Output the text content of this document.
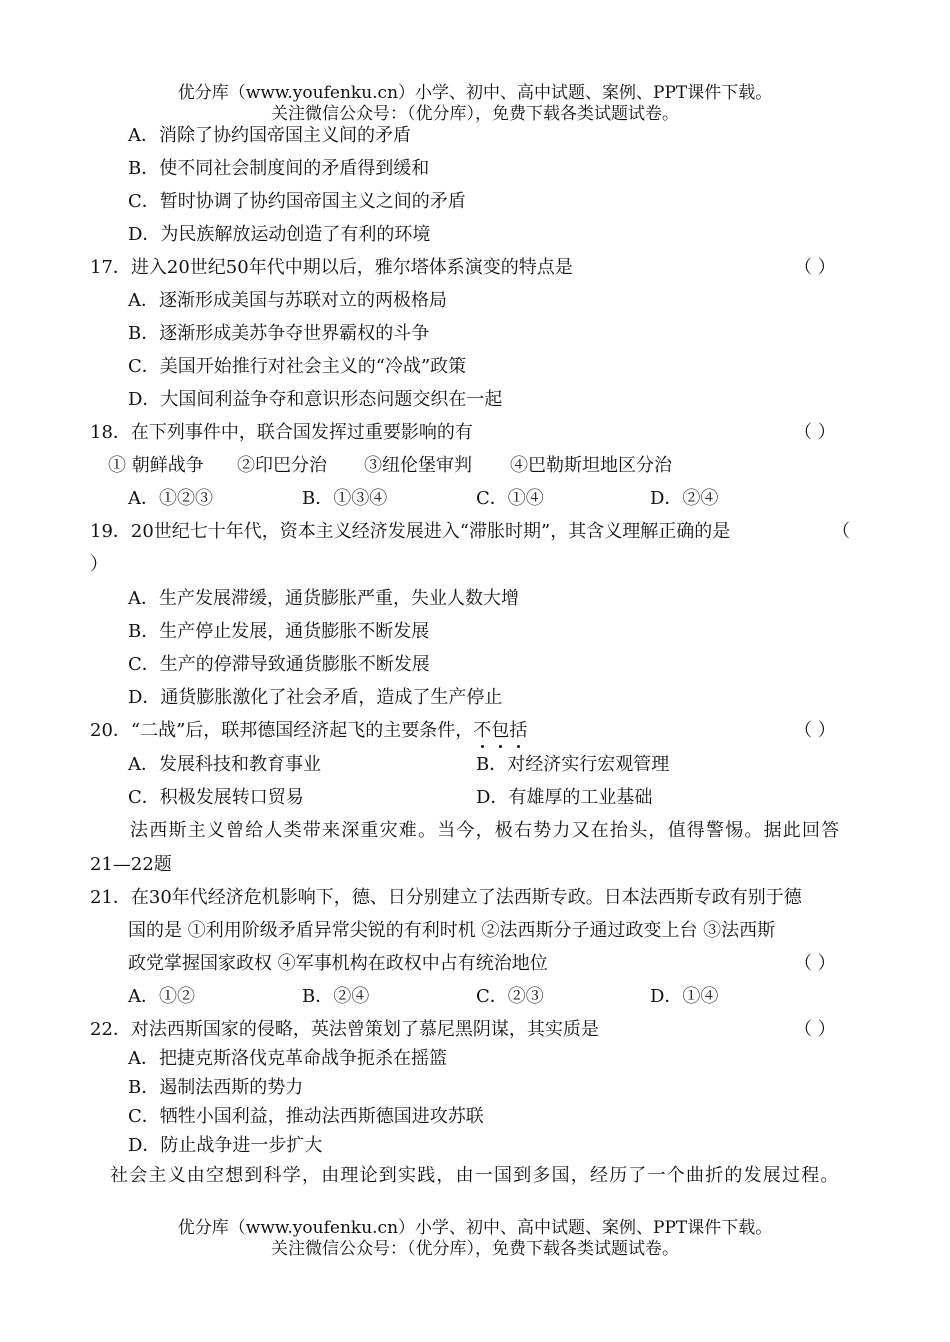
优分库（www.youfenku.cn）小学、初中、高中试题、案例、PPT课件下载。
关注微信公众号：（优分库），免费下载各类试题试卷。
A．消除了协约国帝国主义间的矛盾
B．使不同社会制度间的矛盾得到缓和
C．暂时协调了协约国帝国主义之间的矛盾
D．为民族解放运动创造了有利的环境
17．进入20世纪50年代中期以后，雅尔塔体系演变的特点是	（ ）
A．逐渐形成美国与苏联对立的两极格局
B．逐渐形成美苏争夺世界霸权的斗争
C．美国开始推行对社会主义的“冷战”政策
D．大国间利益争夺和意识形态问题交织在一起
18．在下列事件中，联合国发挥过重要影响的有	（ ）
① 朝鲜战争 ②印巴分治 ③纽伦堡审判 ④巴勒斯坦地区分治
A．①②③	B．①③④	C．①④	D．②④
19．20世纪七十年代，资本主义经济发展进入“滞胀时期”，其含义理解正确的是	（
）
A．生产发展滞缓，通货膨胀严重，失业人数大增
B．生产停止发展，通货膨胀不断发展
C．生产的停滞导致通货膨胀不断发展
D．通货膨胀激化了社会矛盾，造成了生产停止
20．“二战”后，联邦德国经济起飞的主要条件，不包括	（ ）
A．发展科技和教育事业	B．对经济实行宏观管理
C．积极发展转口贸易	D．有雄厚的工业基础
法西斯主义曾给人类带来深重灾难。当今，极右势力又在抬头，值得警惕。据此回答
21—22题
21．在30年代经济危机影响下，德、日分别建立了法西斯专政。日本法西斯专政有别于德
国的是 ①利用阶级矛盾异常尖锐的有利时机 ②法西斯分子通过政变上台 ③法西斯
政党掌握国家政权 ④军事机构在政权中占有统治地位	（ ）
A．①②	B．②④	C．②③	D．①④
22．对法西斯国家的侵略，英法曾策划了慕尼黑阴谋，其实质是	（ ）
A．把捷克斯洛伐克革命战争扼杀在摇篮
B．遏制法西斯的势力
C．牺牲小国利益，推动法西斯德国进攻苏联
D．防止战争进一步扩大
社会主义由空想到科学，由理论到实践，由一国到多国，经历了一个曲折的发展过程。
优分库（www.youfenku.cn）小学、初中、高中试题、案例、PPT课件下载。
关注微信公众号：（优分库），免费下载各类试题试卷。
